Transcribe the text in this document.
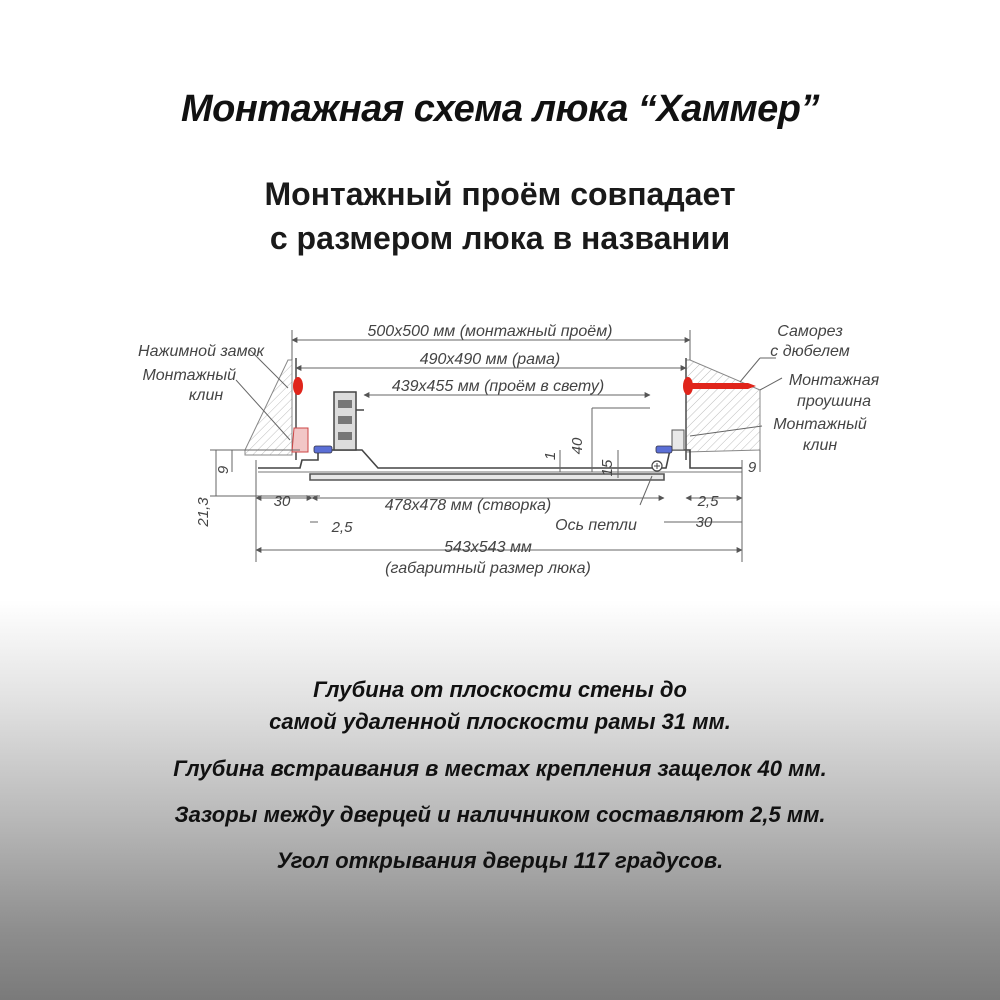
Монтажная схема люка “Хаммер”
Монтажный проём совпадает
с размером люка в названии
500x500 мм (монтажный проём)
490x490 мм (рама)
439x455 мм (проём в свету)
478x478 мм (створка)
543x543 мм
(габаритный размер люка)
Нажимной замок
Монтажный
клин
Саморез
с дюбелем
Монтажная
проушина
Монтажный
клин
Ось петли
9	9
21,3	30
30
2,5
2,5
40
15
1
Глубина от плоскости стены до
самой удаленной плоскости рамы 31 мм.
Глубина встраивания в местах крепления защелок 40 мм.
Зазоры между дверцей и наличником составляют 2,5 мм.
Угол открывания дверцы 117 градусов.
